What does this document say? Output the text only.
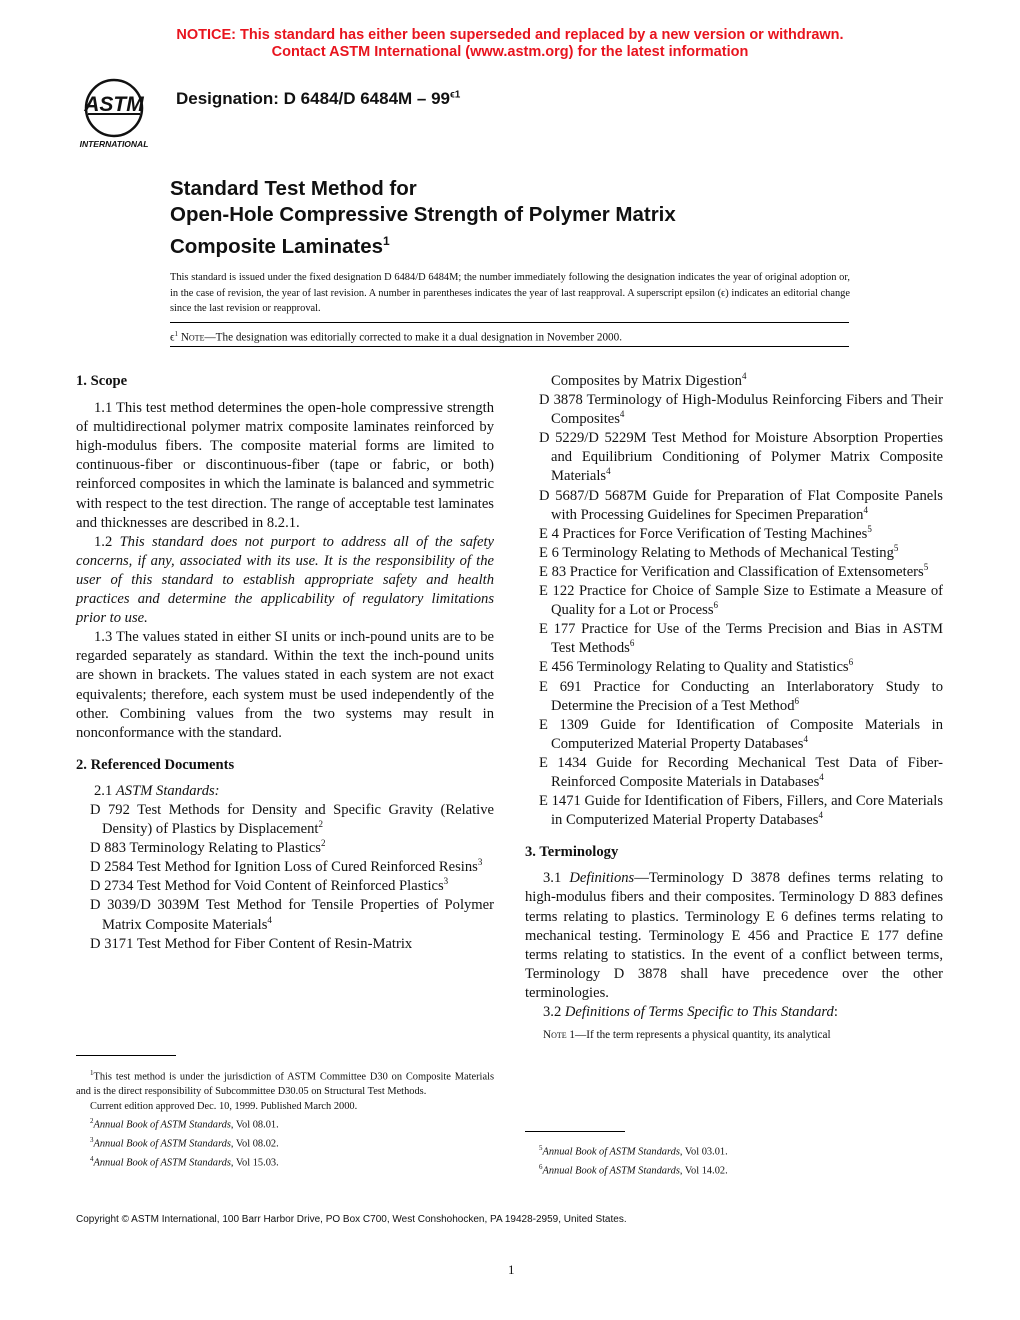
NOTICE: This standard has either been superseded and replaced by a new version or withdrawn.
Contact ASTM International (www.astm.org) for the latest information
ASTM
INTERNATIONAL
Designation: D 6484/D $6484M - 99^{\epsilon 1}$
Standard Test Method for
Open-Hole Compressive Strength of Polymer Matrix
Composite Laminates$^1$
This standard is issued under the fixed designation D 6484/D 6484M; the number immediately following the designation indicates the year of original adoption or, in the case of revision, the year of last revision. A number in parentheses indicates the year of last reapproval. A superscript epsilon (ϵ) indicates an editorial change since the last revision or reapproval.
$\epsilon^1$ Note—The designation was editorially corrected to make it a dual designation in November 2000.

1. Scope

1.1 This test method determines the open-hole compressive strength of multidirectional polymer matrix composite laminates reinforced by high-modulus fibers. The composite material forms are limited to continuous-fiber or discontinuous-fiber (tape or fabric, or both) reinforced composites in which the laminate is balanced and symmetric with respect to the test direction. The range of acceptable test laminates and thicknesses are described in 8.2.1.

1.2 This standard does not purport to address all of the safety concerns, if any, associated with its use. It is the responsibility of the user of this standard to establish appropriate safety and health practices and determine the applicability of regulatory limitations prior to use.

1.3 The values stated in either SI units or inch-pound units are to be regarded separately as standard. Within the text the inch-pound units are shown in brackets. The values stated in each system are not exact equivalents; therefore, each system must be used independently of the other. Combining values from the two systems may result in nonconformance with the standard.

2. Referenced Documents

2.1 ASTM Standards:

D 792 Test Methods for Density and Specific Gravity (Relative Density) of Plastics by Displacement$^2$

D 883 Terminology Relating to Plastics$^2$

D 2584 Test Method for Ignition Loss of Cured Reinforced Resins$^3$

D 2734 Test Method for Void Content of Reinforced Plastics$^3$

D 3039/D 3039M Test Method for Tensile Properties of Polymer Matrix Composite Materials$^4$

D 3171 Test Method for Fiber Content of Resin-Matrix

Composites by Matrix Digestion$^4$

D 3878 Terminology of High-Modulus Reinforcing Fibers and Their Composites$^4$

D 5229/D 5229M Test Method for Moisture Absorption Properties and Equilibrium Conditioning of Polymer Matrix Composite Materials$^4$

D 5687/D 5687M Guide for Preparation of Flat Composite Panels with Processing Guidelines for Specimen Preparation$^4$

E 4 Practices for Force Verification of Testing Machines$^5$

E 6 Terminology Relating to Methods of Mechanical Testing$^5$

E 83 Practice for Verification and Classification of Extensometers$^5$

E 122 Practice for Choice of Sample Size to Estimate a Measure of Quality for a Lot or Process$^6$

E 177 Practice for Use of the Terms Precision and Bias in ASTM Test Methods$^6$

E 456 Terminology Relating to Quality and Statistics$^6$

E 691 Practice for Conducting an Interlaboratory Study to Determine the Precision of a Test Method$^6$

E 1309 Guide for Identification of Composite Materials in Computerized Material Property Databases$^4$

E 1434 Guide for Recording Mechanical Test Data of Fiber-Reinforced Composite Materials in Databases$^4$

E 1471 Guide for Identification of Fibers, Fillers, and Core Materials in Computerized Material Property Databases$^4$

3. Terminology

3.1 Definitions—Terminology D 3878 defines terms relating to high-modulus fibers and their composites. Terminology D 883 defines terms relating to plastics. Terminology E 6 defines terms relating to mechanical testing. Terminology E 456 and Practice E 177 define terms relating to statistics. In the event of a conflict between terms, Terminology D 3878 shall have precedence over the other terminologies.

3.2 Definitions of Terms Specific to This Standard:

Note 1—If the term represents a physical quantity, its analytical

$^1$This test method is under the jurisdiction of ASTM Committee D30 on Composite Materials and is the direct responsibility of Subcommittee D30.05 on Structural Test Methods.

Current edition approved Dec. 10, 1999. Published March 2000.

$^2$Annual Book of ASTM Standards, Vol 08.01.

$^3$Annual Book of ASTM Standards, Vol 08.02.

$^4$Annual Book of ASTM Standards, Vol 15.03.

$^5$Annual Book of ASTM Standards, Vol 03.01.

$^6$Annual Book of ASTM Standards, Vol 14.02.

Copyright © ASTM International, 100 Barr Harbor Drive, PO Box C700, West Conshohocken, PA 19428-2959, United States.
1
